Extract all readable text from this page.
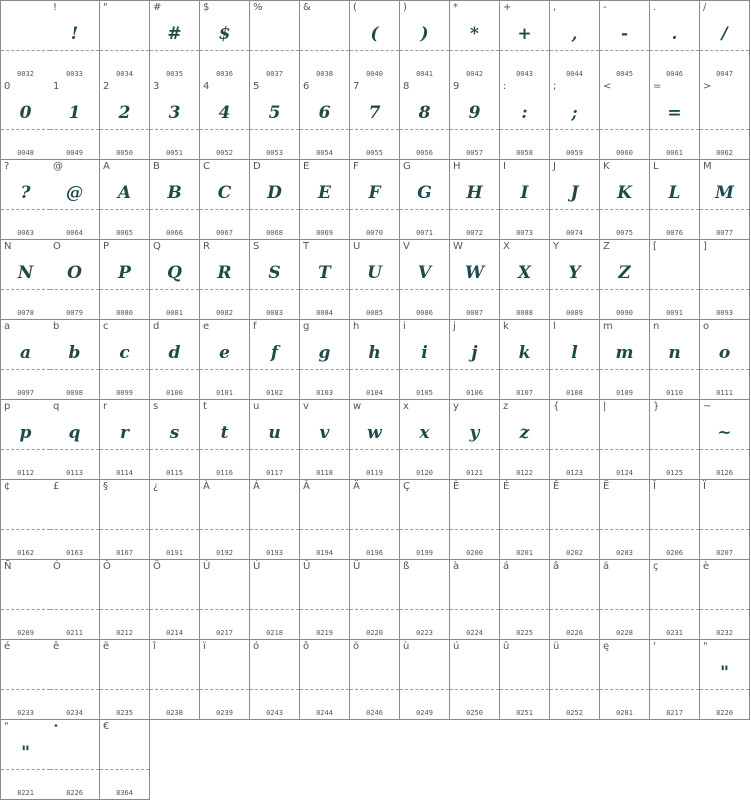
0032
!
!
0033
"
0034
#
#
0035
$
$
0036
%
0037
&
0038
(
(
0040
)
)
0041
*
*
0042
+
+
0043
,
,
0044
-
-
0045
.
.
0046
/
/
0047
0
0
0048
1
1
0049
2
2
0050
3
3
0051
4
4
0052
5
5
0053
6
6
0054
7
7
0055
8
8
0056
9
9
0057
:
:
0058
;
;
0059
<
0060
=
=
0061
>
0062
?
?
0063
@
@
0064
A
A
0065
B
B
0066
C
C
0067
D
D
0068
E
E
0069
F
F
0070
G
G
0071
H
H
0072
I
I
0073
J
J
0074
K
K
0075
L
L
0076
M
M
0077
N
N
0078
O
O
0079
P
P
0080
Q
Q
0081
R
R
0082
S
S
0083
T
T
0084
U
U
0085
V
V
0086
W
W
0087
X
X
0088
Y
Y
0089
Z
Z
0090
[
0091
]
0093
a
a
0097
b
b
0098
c
c
0099
d
d
0100
e
e
0101
f
f
0102
g
g
0103
h
h
0104
i
i
0105
j
j
0106
k
k
0107
l
l
0108
m
m
0109
n
n
0110
o
o
0111
p
p
0112
q
q
0113
r
r
0114
s
s
0115
t
t
0116
u
u
0117
v
v
0118
w
w
0119
x
x
0120
y
y
0121
z
z
0122
{
0123
|
0124
}
0125
~
~
0126
¢
0162
£
0163
§
0167
¿
0191
À
0192
Á
0193
Â
0194
Ä
0196
Ç
0199
È
0200
É
0201
Ê
0202
Ë
0203
Î
0206
Ï
0207
Ñ
0209
Ó
0211
Ô
0212
Ö
0214
Ù
0217
Ú
0218
Û
0219
Ü
0220
ß
0223
à
0224
á
0225
â
0226
ä
0228
ç
0231
è
0232
é
0233
ê
0234
ë
0235
î
0238
ï
0239
ó
0243
ô
0244
ö
0246
ù
0249
ú
0250
û
0251
ü
0252
ę
0281
'
8217
"
"
8220
"
"
8221
•
8226
€
8364
